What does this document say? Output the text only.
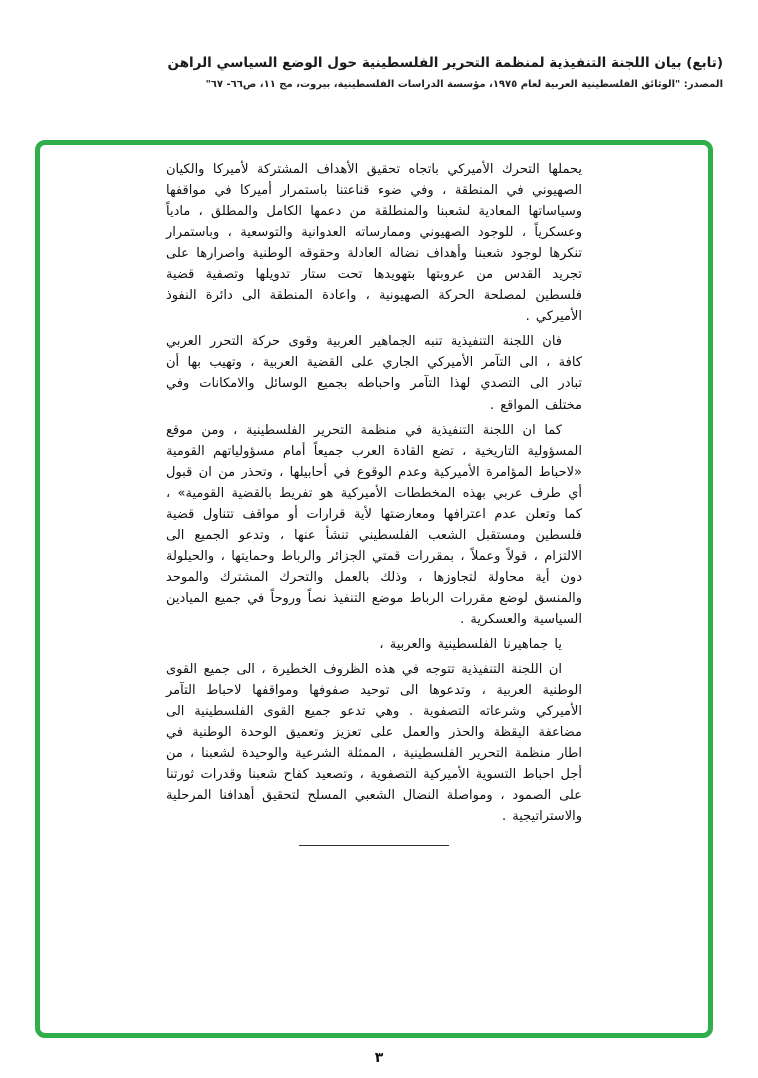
(تابع) بيان اللجنة التنفيذية لمنظمة التحرير الفلسطينية حول الوضع السياسي الراهن

المصدر: "الوثائق الفلسطينية العربية لعام ١٩٧٥، مؤسسة الدراسات الفلسطينية، بيروت، مج ١١، ص٦٦- ٦٧"

يحملها التحرك الأميركي باتجاه تحقيق الأهداف المشتركة لأميركا والكيان الصهيوني في المنطقة ، وفي ضوء قناعتنا باستمرار أميركا في مواقفها وسياساتها المعادية لشعبنا والمنطلقة من دعمها الكامل والمطلق ، مادياً وعسكرياً ، للوجود الصهيوني وممارساته العدوانية والتوسعية ، وباستمرار تنكرها لوجود شعبنا وأهداف نضاله العادلة وحقوقه الوطنية واصرارها على تجريد القدس من عروبتها بتهويدها تحت ستار تدويلها وتصفية قضية فلسطين لمصلحة الحركة الصهيونية ، واعادة المنطقة الى دائرة النفوذ الأميركي .

فان اللجنة التنفيذية تنبه الجماهير العربية وقوى حركة التحرر العربي كافة ، الى التآمر الأميركي الجاري على القضية العربية ، وتهيب بها أن تبادر الى التصدي لهذا التآمر واحباطه بجميع الوسائل والامكانات وفي مختلف المواقع .

كما ان اللجنة التنفيذية في منظمة التحرير الفلسطينية ، ومن موقع المسؤولية التاريخية ، تضع القادة العرب جميعاً أمام مسؤولياتهم القومية «لاحباط المؤامرة الأميركية وعدم الوقوع في أحابيلها ، وتحذر من ان قبول أي طرف عربي بهذه المخططات الأميركية هو تفريط بالقضية القومية» ، كما وتعلن عدم اعترافها ومعارضتها لأية قرارات أو مواقف تتناول قضية فلسطين ومستقبل الشعب الفلسطيني تنشأ عنها ، وتدعو الجميع الى الالتزام ، قولاً وعملاً ، بمقررات قمتي الجزائر والرباط وحمايتها ، والحيلولة دون أية محاولة لتجاوزها ، وذلك بالعمل والتحرك المشترك والموحد والمنسق لوضع مقررات الرباط موضع التنفيذ نصاً وروحاً في جميع الميادين السياسية والعسكرية .

يا جماهيرنا الفلسطينية والعربية ،

ان اللجنة التنفيذية تتوجه في هذه الظروف الخطيرة ، الى جميع القوى الوطنية العربية ، وتدعوها الى توحيد صفوفها ومواقفها لاحباط التآمر الأميركي وشرعاته التصفوية . وهي تدعو جميع القوى الفلسطينية الى مضاعفة اليقظة والحذر والعمل على تعزيز وتعميق الوحدة الوطنية في اطار منظمة التحرير الفلسطينية ، الممثلة الشرعية والوحيدة لشعبنا ، من أجل احباط التسوية الأميركية التصفوية ، وتصعيد كفاح شعبنا وقدرات ثورتنا على الصمود ، ومواصلة النضال الشعبي المسلح لتحقيق أهدافنا المرحلية والاستراتيجية .

٣
